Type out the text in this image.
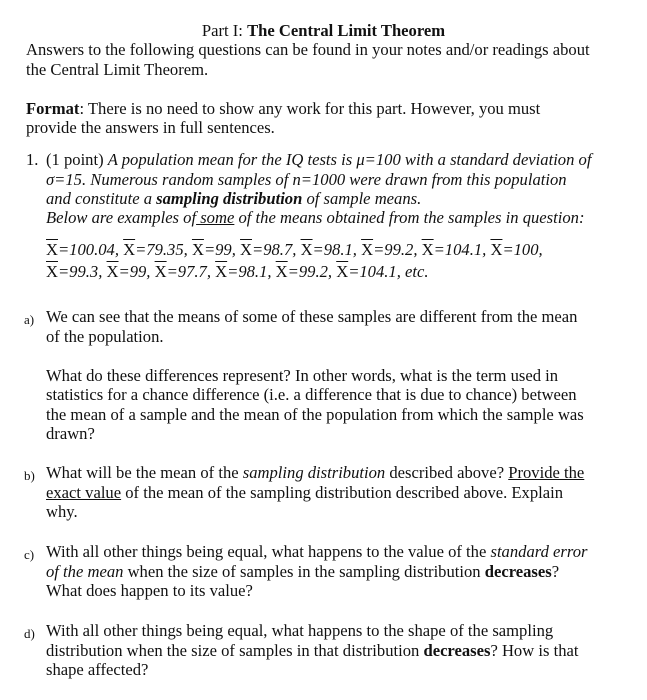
Part I: The Central Limit Theorem
Answers to the following questions can be found in your notes and/or readings about
the Central Limit Theorem.
Format: There is no need to show any work for this part. However, you must
provide the answers in full sentences.
1. (1 point) A population mean for the IQ tests is μ=100 with a standard deviation of
σ=15. Numerous random samples of n=1000 were drawn from this population
and constitute a sampling distribution of sample means.
Below are examples of some of the means obtained from the samples in question:
$\overline{X}=100.04$, $\overline{X}=79.35$, $\overline{X}=99$, $\overline{X}=98.7$, $\overline{X}=98.1$, $\overline{X}=99.2$, $\overline{X}=104.1$, $\overline{X}=100$,
$\overline{X}=99.3$, $\overline{X}=99$, $\overline{X}=97.7$, $\overline{X}=98.1$, $\overline{X}=99.2$, $\overline{X}=104.1$, etc.
a) We can see that the means of some of these samples are different from the mean
of the population.
What do these differences represent? In other words, what is the term used in
statistics for a chance difference (i.e. a difference that is due to chance) between
the mean of a sample and the mean of the population from which the sample was
drawn?
b) What will be the mean of the sampling distribution described above? Provide the
exact value of the mean of the sampling distribution described above. Explain
why.
c) With all other things being equal, what happens to the value of the standard error
of the mean when the size of samples in the sampling distribution decreases?
What does happen to its value?
d) With all other things being equal, what happens to the shape of the sampling
distribution when the size of samples in that distribution decreases? How is that
shape affected?
